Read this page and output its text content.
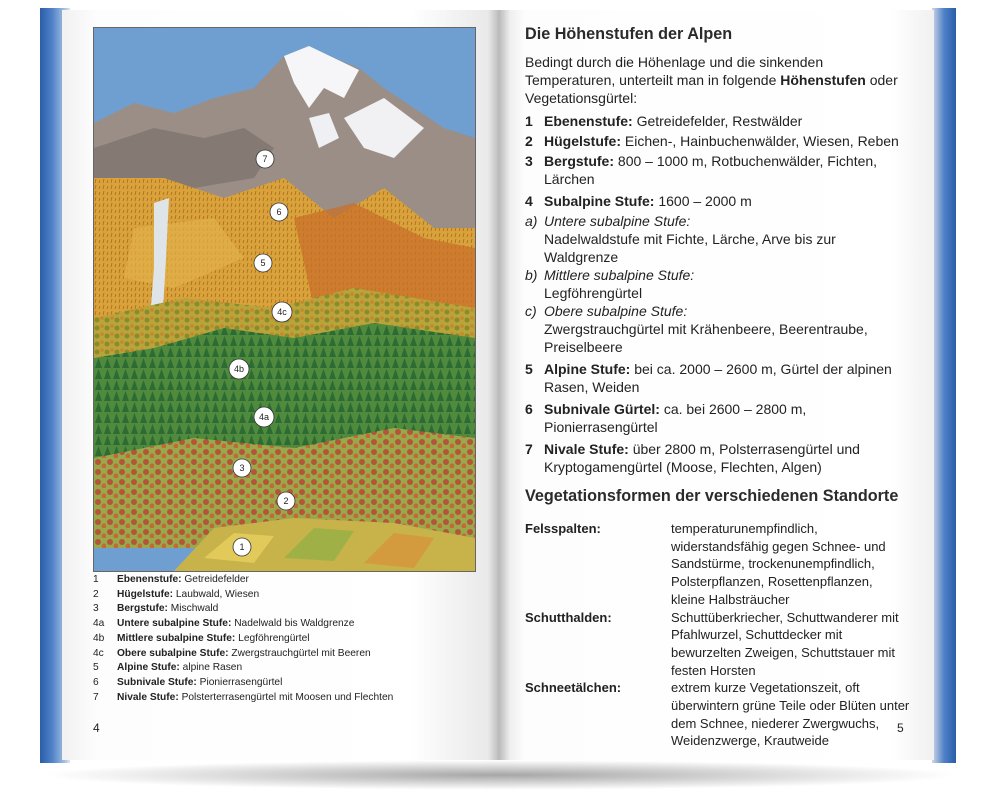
7
6
5
4c
4b
4a
3
2
1
1	Ebenenstufe: Getreidefelder
2	Hügelstufe: Laubwald, Wiesen
3	Bergstufe: Mischwald
4a	Untere subalpine Stufe: Nadelwald bis Waldgrenze
4b	Mittlere subalpine Stufe: Legföhrengürtel
4c	Obere subalpine Stufe: Zwergstrauchgürtel mit Beeren
5	Alpine Stufe: alpine Rasen
6	Subnivale Stufe: Pionierrasengürtel
7	Nivale Stufe: Polsterterrasengürtel mit Moosen und Flechten
4
Die Höhenstufen der Alpen
Bedingt durch die Höhenlage und die sinkenden Temperaturen, unterteilt man in folgende Höhenstufen oder Vegetationsgürtel:
1 Ebenenstufe: Getreidefelder, Restwälder
2 Hügelstufe: Eichen-, Hainbuchenwälder, Wiesen, Reben
3 Bergstufe: 800 – 1000 m, Rotbuchenwälder, Fichten, Lärchen
4 Subalpine Stufe: 1600 – 2000 m
a) Untere subalpine Stufe:
Nadelwaldstufe mit Fichte, Lärche, Arve bis zur Waldgrenze
b) Mittlere subalpine Stufe:
Legföhrengürtel
c) Obere subalpine Stufe:
Zwergstrauchgürtel mit Krähenbeere, Beerentraube, Preiselbeere
5 Alpine Stufe: bei ca. 2000 – 2600 m, Gürtel der alpinen Rasen, Weiden
6 Subnivale Gürtel: ca. bei 2600 – 2800 m, Pionierrasengürtel
7 Nivale Stufe: über 2800 m, Polsterrasengürtel und Kryptogamengürtel (Moose, Flechten, Algen)
Vegetationsformen der verschiedenen Standorte
Felsspalten:	temperaturunempfindlich, widerstandsfähig gegen Schnee- und Sandstürme, trockenunempfindlich, Polsterpflanzen, Rosettenpflanzen, kleine Halbsträucher
Schutthalden:	Schuttüberkriecher, Schuttwanderer mit Pfahlwurzel, Schuttdecker mit bewurzelten Zweigen, Schuttstauer mit festen Horsten
Schneetälchen:	extrem kurze Vegetationszeit, oft überwintern grüne Teile oder Blüten unter dem Schnee, niederer Zwergwuchs, Weidenzwerge, Krautweide
5
